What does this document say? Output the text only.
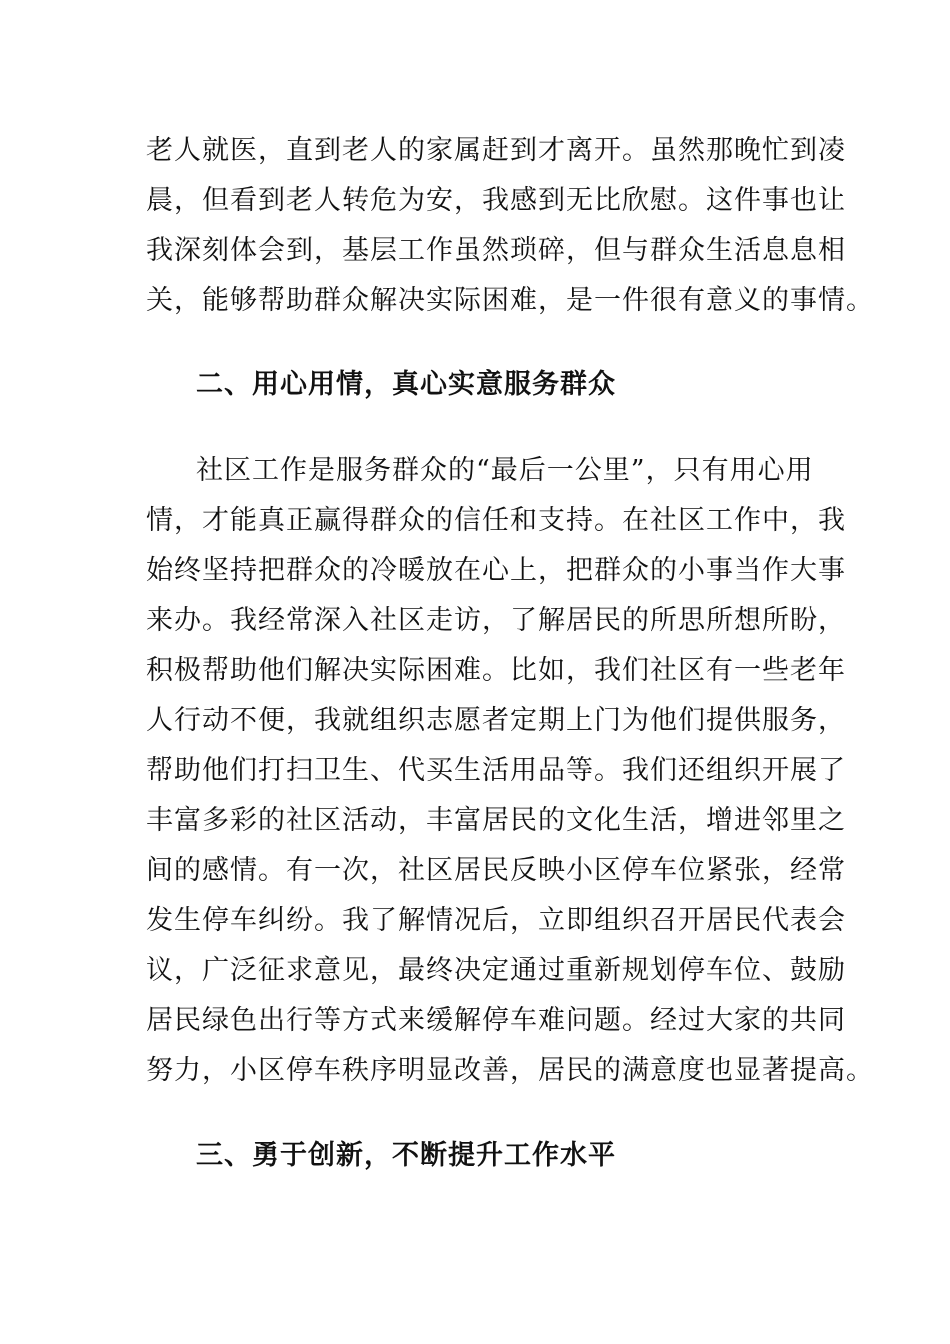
老人就医，直到老人的家属赶到才离开。虽然那晚忙到凌
晨，但看到老人转危为安，我感到无比欣慰。这件事也让
我深刻体会到，基层工作虽然琐碎，但与群众生活息息相
关，能够帮助群众解决实际困难，是一件很有意义的事情。
二、用心用情，真心实意服务群众
社区工作是服务群众的“最后一公里”，只有用心用
情，才能真正赢得群众的信任和支持。在社区工作中，我
始终坚持把群众的冷暖放在心上，把群众的小事当作大事
来办。我经常深入社区走访，了解居民的所思所想所盼，
积极帮助他们解决实际困难。比如，我们社区有一些老年
人行动不便，我就组织志愿者定期上门为他们提供服务，
帮助他们打扫卫生、代买生活用品等。我们还组织开展了
丰富多彩的社区活动，丰富居民的文化生活，增进邻里之
间的感情。有一次，社区居民反映小区停车位紧张，经常
发生停车纠纷。我了解情况后，立即组织召开居民代表会
议，广泛征求意见，最终决定通过重新规划停车位、鼓励
居民绿色出行等方式来缓解停车难问题。经过大家的共同
努力，小区停车秩序明显改善，居民的满意度也显著提高。
三、勇于创新，不断提升工作水平
